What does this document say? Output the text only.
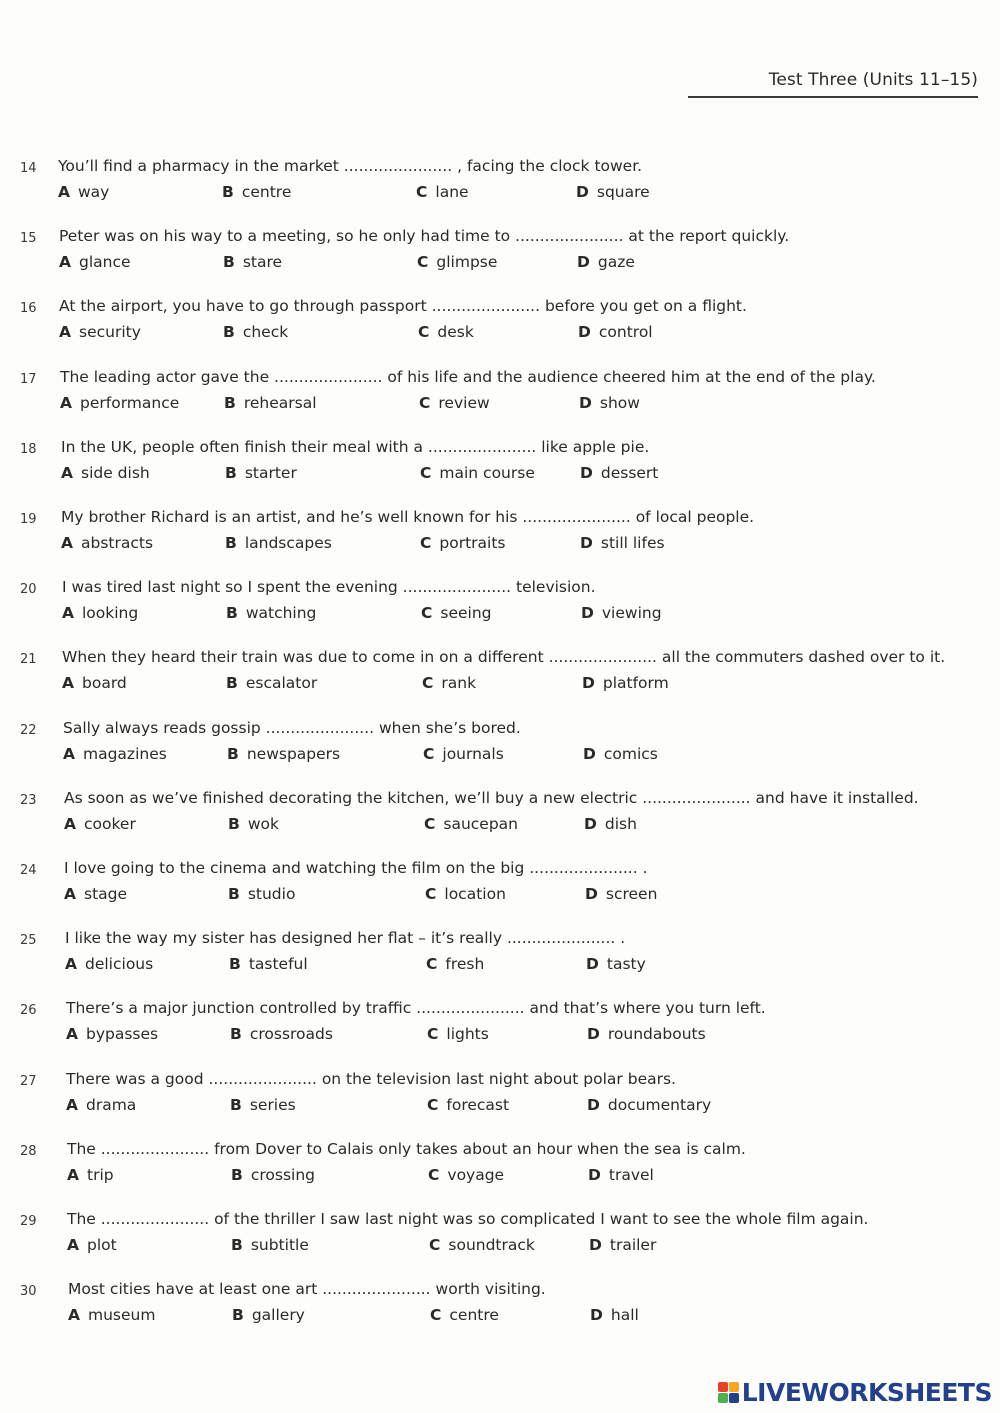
Test Three (Units 11–15)
14 You’ll find a pharmacy in the market ...................... , facing the clock tower.
A way	B centre	C lane	D square
15 Peter was on his way to a meeting, so he only had time to ...................... at the report quickly.
A glance	B stare	C glimpse	D gaze
16 At the airport, you have to go through passport ...................... before you get on a flight.
A security	B check	C desk	D control
17 The leading actor gave the ...................... of his life and the audience cheered him at the end of the play.
A performance	B rehearsal	C review	D show
18 In the UK, people often finish their meal with a ...................... like apple pie.
A side dish	B starter	C main course	D dessert
19 My brother Richard is an artist, and he’s well known for his ...................... of local people.
A abstracts	B landscapes	C portraits	D still lifes
20 I was tired last night so I spent the evening ...................... television.
A looking	B watching	C seeing	D viewing
21 When they heard their train was due to come in on a different ...................... all the commuters dashed over to it.
A board	B escalator	C rank	D platform
22 Sally always reads gossip ...................... when she’s bored.
A magazines	B newspapers	C journals	D comics
23 As soon as we’ve finished decorating the kitchen, we’ll buy a new electric ...................... and have it installed.
A cooker	B wok	C saucepan	D dish
24 I love going to the cinema and watching the film on the big ...................... .
A stage	B studio	C location	D screen
25 I like the way my sister has designed her flat – it’s really ...................... .
A delicious	B tasteful	C fresh	D tasty
26 There’s a major junction controlled by traffic ...................... and that’s where you turn left.
A bypasses	B crossroads	C lights	D roundabouts
27 There was a good ...................... on the television last night about polar bears.
A drama	B series	C forecast	D documentary
28 The ...................... from Dover to Calais only takes about an hour when the sea is calm.
A trip	B crossing	C voyage	D travel
29 The ...................... of the thriller I saw last night was so complicated I want to see the whole film again.
A plot	B subtitle	C soundtrack	D trailer
30 Most cities have at least one art ...................... worth visiting.
A museum	B gallery	C centre	D hall
LIVEWORKSHEETS
